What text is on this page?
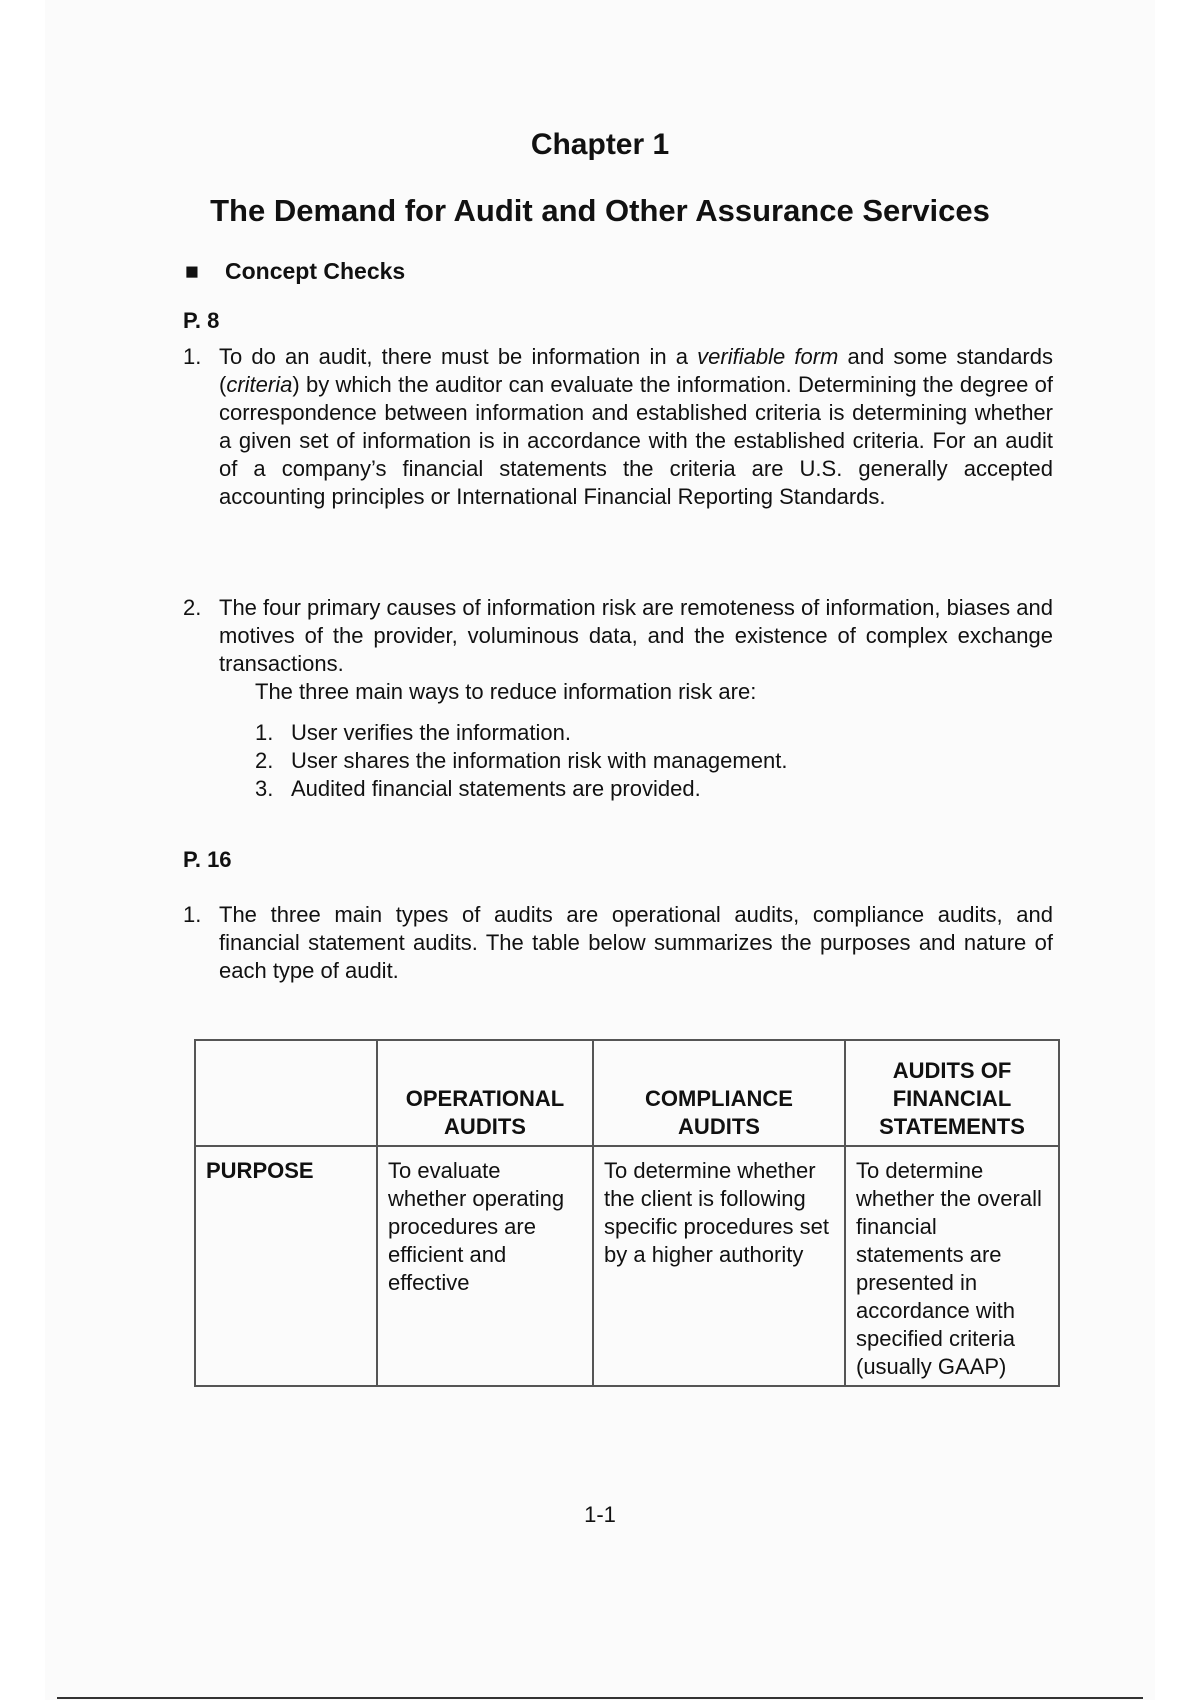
Chapter 1
The Demand for Audit and Other Assurance Services
■ Concept Checks
P. 8
1. To do an audit, there must be information in a verifiable form and some standards (criteria) by which the auditor can evaluate the information. Determining the degree of correspondence between information and established criteria is determining whether a given set of information is in accordance with the established criteria. For an audit of a company’s financial statements the criteria are U.S. generally accepted accounting principles or International Financial Reporting Standards.
2. The four primary causes of information risk are remoteness of information, biases and motives of the provider, voluminous data, and the existence of complex exchange transactions.
The three main ways to reduce information risk are:
1. User verifies the information.
2. User shares the information risk with management.
3. Audited financial statements are provided.
P. 16
1. The three main types of audits are operational audits, compliance audits, and financial statement audits. The table below summarizes the purposes and nature of each type of audit.
	OPERATIONAL AUDITS	COMPLIANCE AUDITS	AUDITS OF FINANCIAL STATEMENTS
PURPOSE	To evaluate whether operating procedures are efficient and effective	To determine whether the client is following specific procedures set by a higher authority	To determine whether the overall financial statements are presented in accordance with specified criteria (usually GAAP)
1-1
